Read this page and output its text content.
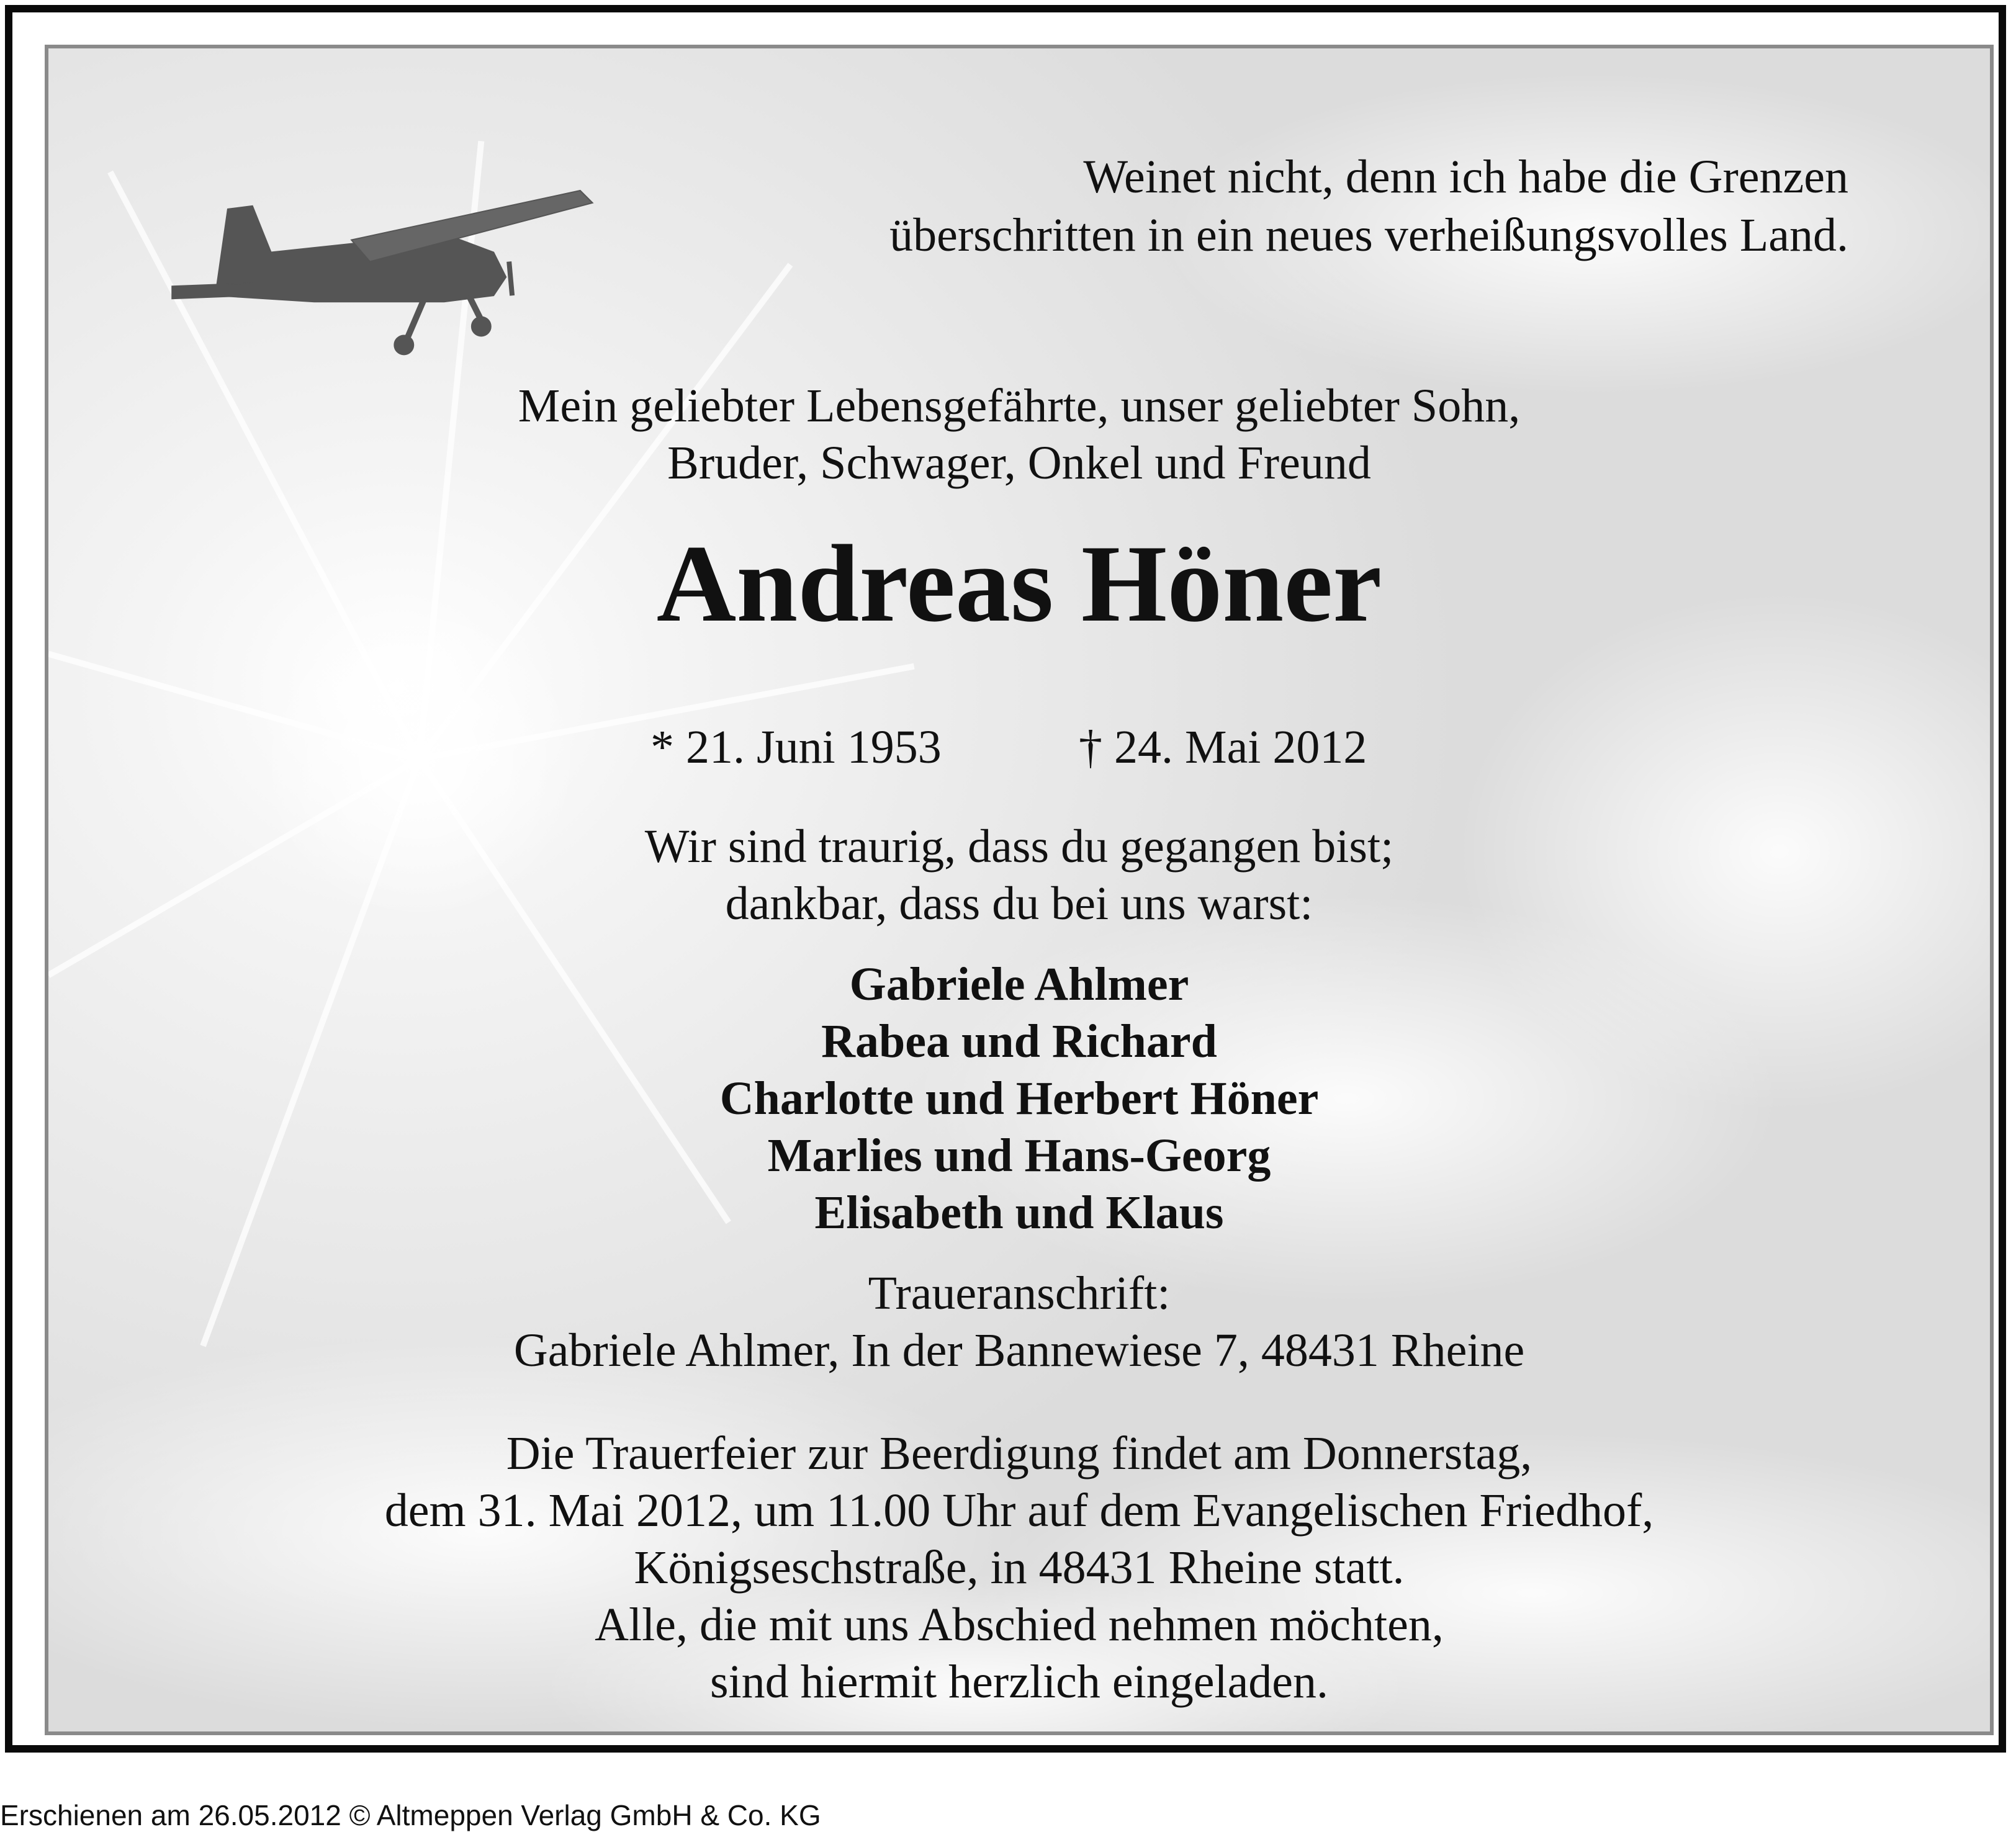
Weinet nicht, denn ich habe die Grenzen
überschritten in ein neues verheißungsvolles Land.
Mein geliebter Lebensgefährte, unser geliebter Sohn,
Bruder, Schwager, Onkel und Freund
Andreas Höner
* 21. Juni 1953	† 24. Mai 2012
Wir sind traurig, dass du gegangen bist;
dankbar, dass du bei uns warst:
Gabriele Ahlmer
Rabea und Richard
Charlotte und Herbert Höner
Marlies und Hans-Georg
Elisabeth und Klaus
Traueranschrift:
Gabriele Ahlmer, In der Bannewiese 7, 48431 Rheine
Die Trauerfeier zur Beerdigung findet am Donnerstag,
dem 31. Mai 2012, um 11.00 Uhr auf dem Evangelischen Friedhof,
Königseschstraße, in 48431 Rheine statt.
Alle, die mit uns Abschied nehmen möchten,
sind hiermit herzlich eingeladen.
Erschienen am 26.05.2012 © Altmeppen Verlag GmbH & Co. KG
